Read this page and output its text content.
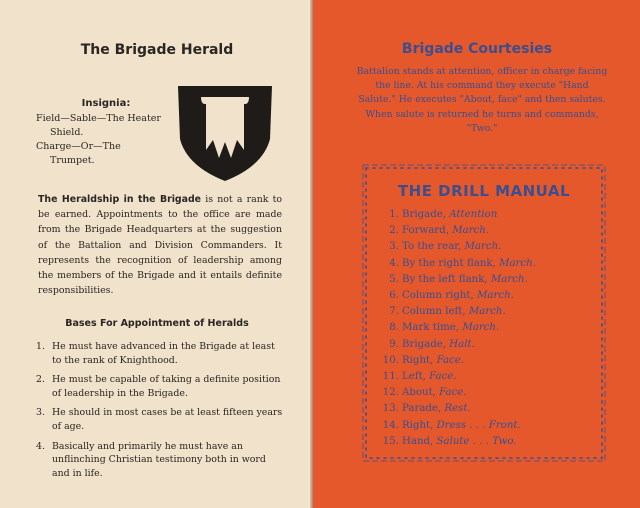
The Brigade Herald
Insignia:
Field—Sable—The Heater Shield.
Charge—Or—The Trumpet.
The Heraldship in the Brigade is not a rank to be earned. Appointments to the office are made from the Brigade Headquarters at the suggestion of the Battalion and Division Commanders. It represents the recognition of leadership among the members of the Brigade and it entails definite responsibilities.
Bases For Appointment of Heralds
1. He must have advanced in the Brigade at least to the rank of Knighthood.
2. He must be capable of taking a definite position of leadership in the Brigade.
3. He should in most cases be at least fifteen years of age.
4. Basically and primarily he must have an unflinching Christian testimony both in word and in life.
Brigade Courtesies
Battalion stands at attention, officer in charge facing the line. At his command they execute "Hand Salute." He executes "About, face" and then salutes. When salute is returned he turns and commands, "Two."
THE DRILL MANUAL
1. Brigade, Attention
2. Forward, March.
3. To the rear, March.
4. By the right flank, March.
5. By the left flank, March.
6. Column right, March.
7. Column left, March.
8. Mark time, March.
9. Brigade, Halt.
10. Right, Face.
11. Left, Face.
12. About, Face.
13. Parade, Rest.
14. Right, Dress . . . Front.
15. Hand, Salute . . . Two.
